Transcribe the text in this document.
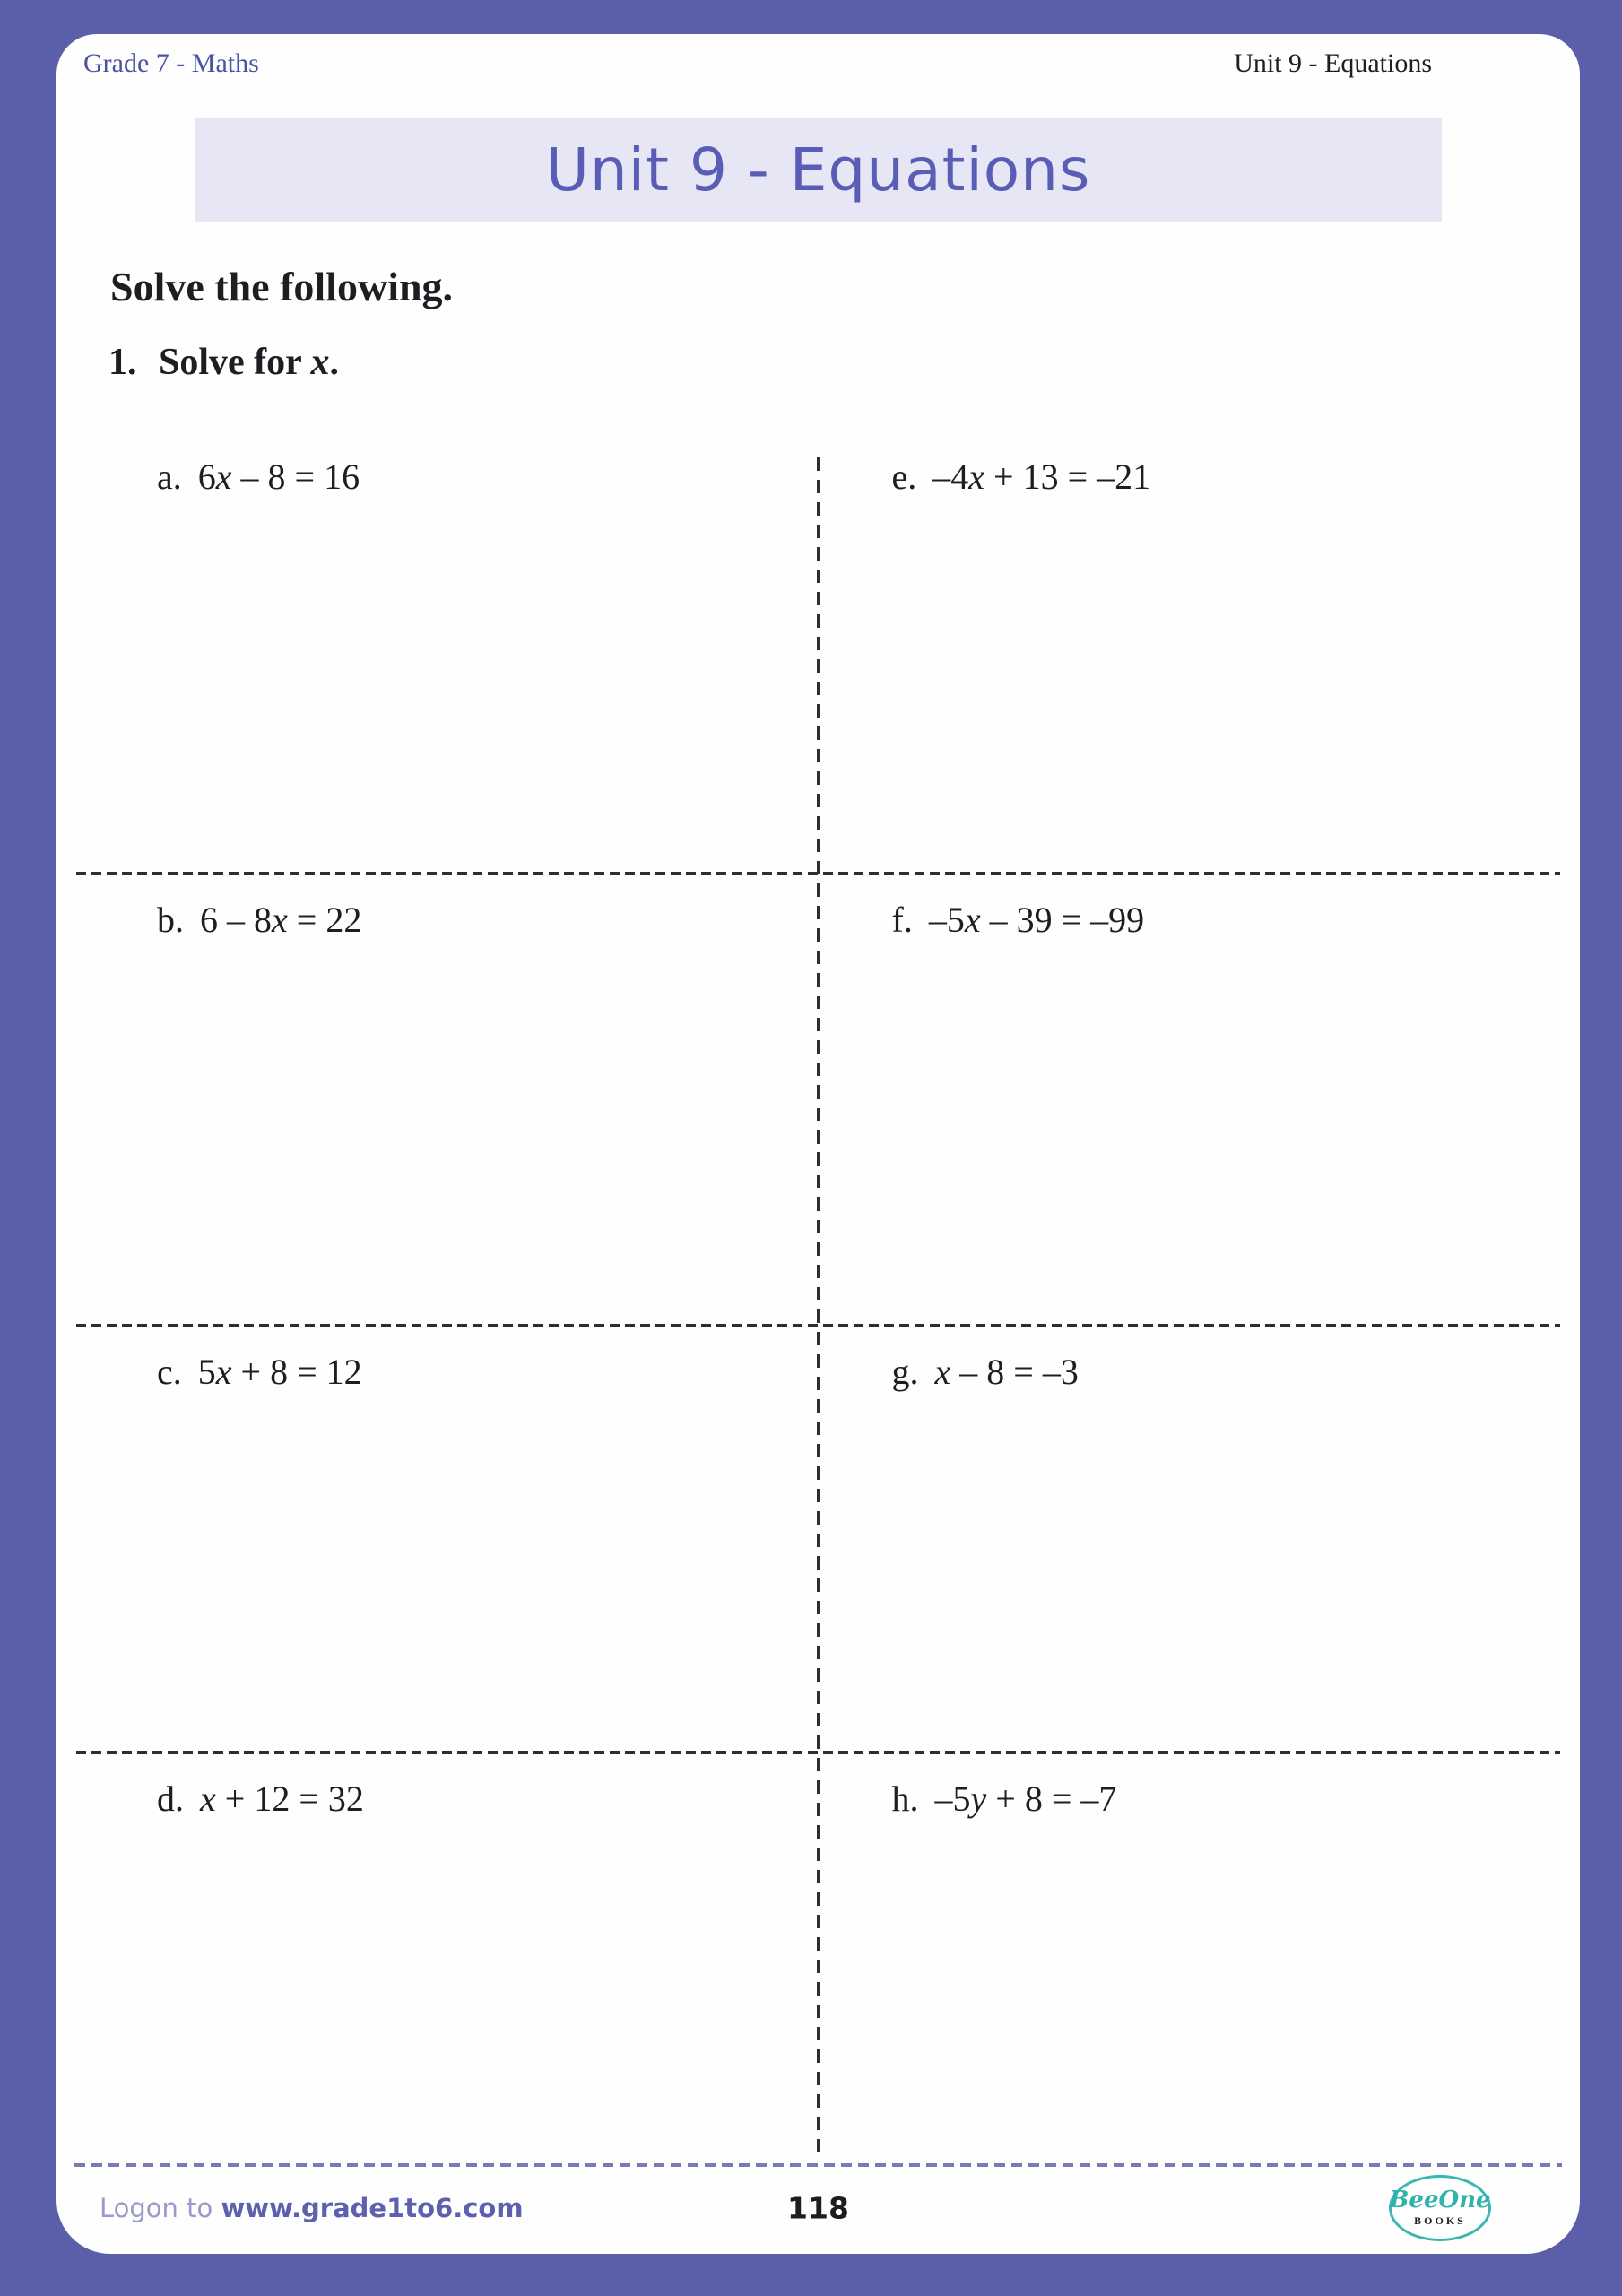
Grade 7 - Maths	Unit 9 - Equations
Unit 9 - Equations
Solve the following.
1. Solve for x.
a. 6x – 8 = 16	e. –4x + 13 = –21
b. 6 – 8x = 22	f. –5x – 39 = –99
c. 5x + 8 = 12	g. x – 8 = –3
d. x + 12 = 32	h. –5y + 8 = –7
Logon to www.grade1to6.com	118	BeeOne
BOOKS
